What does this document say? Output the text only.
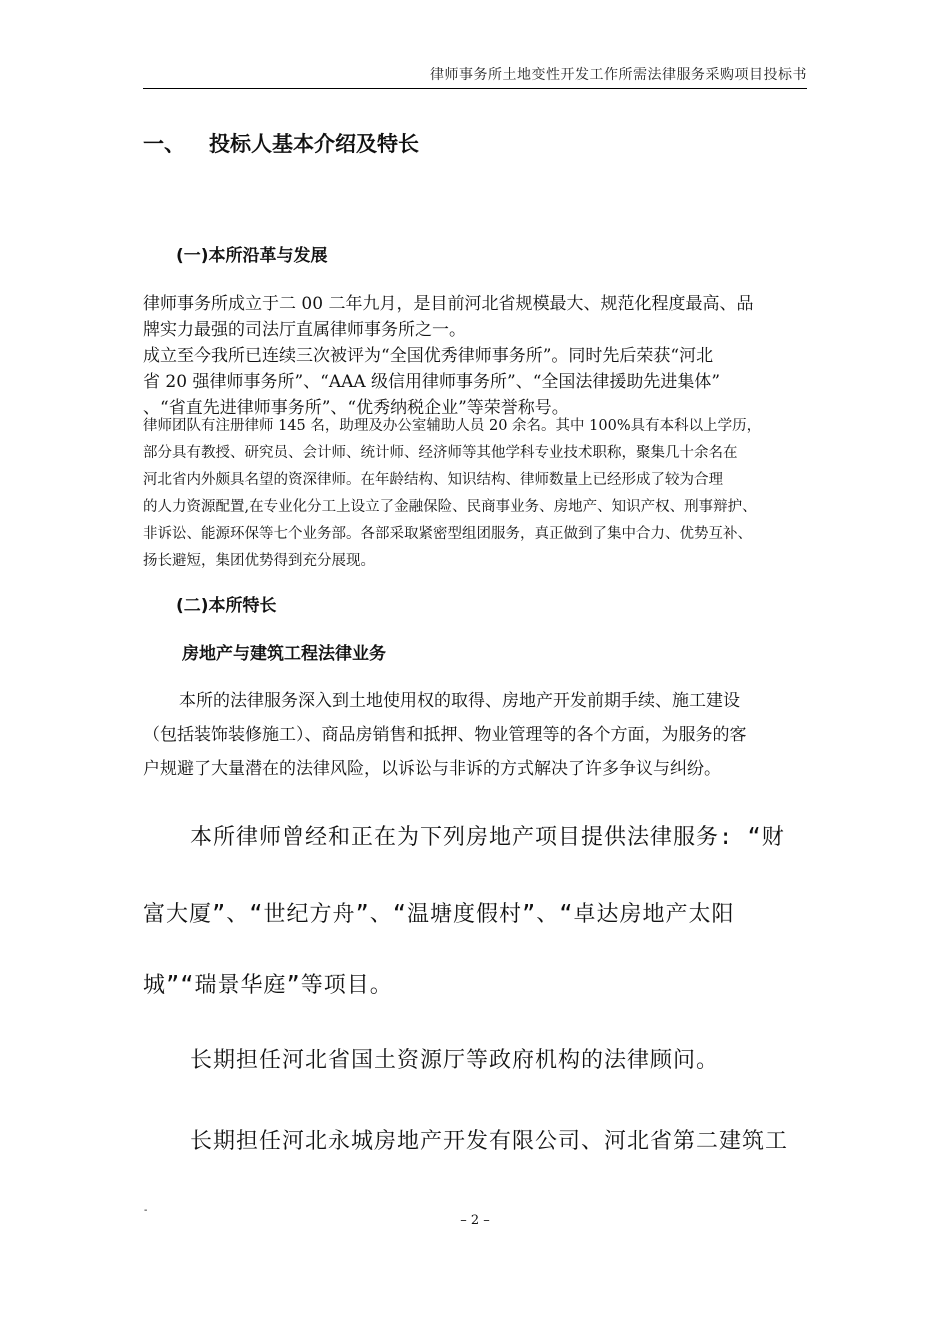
律师事务所土地变性开发工作所需法律服务采购项目投标书
一、 投标人基本介绍及特长
(一)本所沿革与发展
律师事务所成立于二 00 二年九月，是目前河北省规模最大、规范化程度最高、品
牌实力最强的司法厅直属律师事务所之一。
成立至今我所已连续三次被评为“全国优秀律师事务所”。同时先后荣获“河北
省 20 强律师事务所”、“AAA 级信用律师事务所”、“全国法律援助先进集体”
、“省直先进律师事务所”、“优秀纳税企业”等荣誉称号。
律师团队有注册律师 145 名，助理及办公室辅助人员 20 余名。其中 100%具有本科以上学历，
部分具有教授、研究员、会计师、统计师、经济师等其他学科专业技术职称，聚集几十余名在
河北省内外颇具名望的资深律师。在年龄结构、知识结构、律师数量上已经形成了较为合理
的人力资源配置,在专业化分工上设立了金融保险、民商事业务、房地产、知识产权、刑事辩护、
非诉讼、能源环保等七个业务部。各部采取紧密型组团服务，真正做到了集中合力、优势互补、
扬长避短，集团优势得到充分展现。
(二)本所特长
房地产与建筑工程法律业务
本所的法律服务深入到土地使用权的取得、房地产开发前期手续、施工建设
（包括装饰装修施工）、商品房销售和抵押、物业管理等的各个方面，为服务的客
户规避了大量潜在的法律风险，以诉讼与非诉的方式解决了许多争议与纠纷。
本所律师曾经和正在为下列房地产项目提供法律服务: “财
富大厦”、“世纪方舟”、“温塘度假村”、“卓达房地产太阳
城”“瑞景华庭”等项目。
长期担任河北省国土资源厅等政府机构的法律顾问。
长期担任河北永城房地产开发有限公司、河北省第二建筑工
-
– 2 –
